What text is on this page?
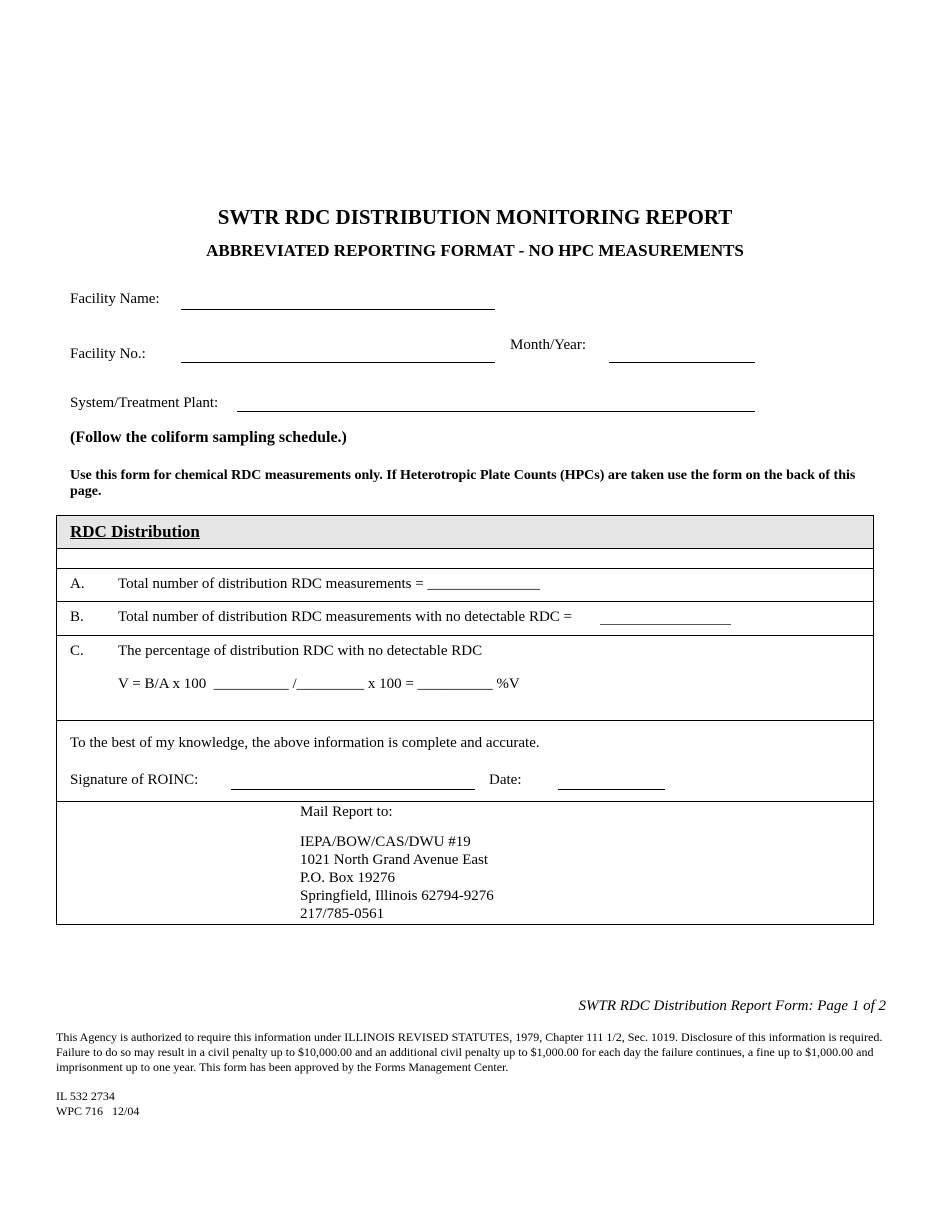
SWTR RDC DISTRIBUTION MONITORING REPORT
ABBREVIATED REPORTING FORMAT - NO HPC MEASUREMENTS
Facility Name:
Facility No.:
Month/Year:
System/Treatment Plant:
(Follow the coliform sampling schedule.)
Use this form for chemical RDC measurements only. If Heterotropic Plate Counts (HPCs) are taken use the form on the back of this page.
RDC Distribution
A. Total number of distribution RDC measurements = _______________
B. Total number of distribution RDC measurements with no detectable RDC =
C. The percentage of distribution RDC with no detectable RDC
V = B/A x 100  __________ /_________ x 100 = __________ %V
To the best of my knowledge, the above information is complete and accurate.
Signature of ROINC:	Date:
Mail Report to:
IEPA/BOW/CAS/DWU #19
1021 North Grand Avenue East
P.O. Box 19276
Springfield, Illinois 62794-9276
217/785-0561
SWTR RDC Distribution Report Form: Page 1 of 2
This Agency is authorized to require this information under ILLINOIS REVISED STATUTES, 1979, Chapter 111 1/2, Sec. 1019. Disclosure of this information is required. Failure to do so may result in a civil penalty up to $10,000.00 and an additional civil penalty up to $1,000.00 for each day the failure continues, a fine up to $1,000.00 and imprisonment up to one year. This form has been approved by the Forms Management Center.
IL 532 2734
WPC 716   12/04
